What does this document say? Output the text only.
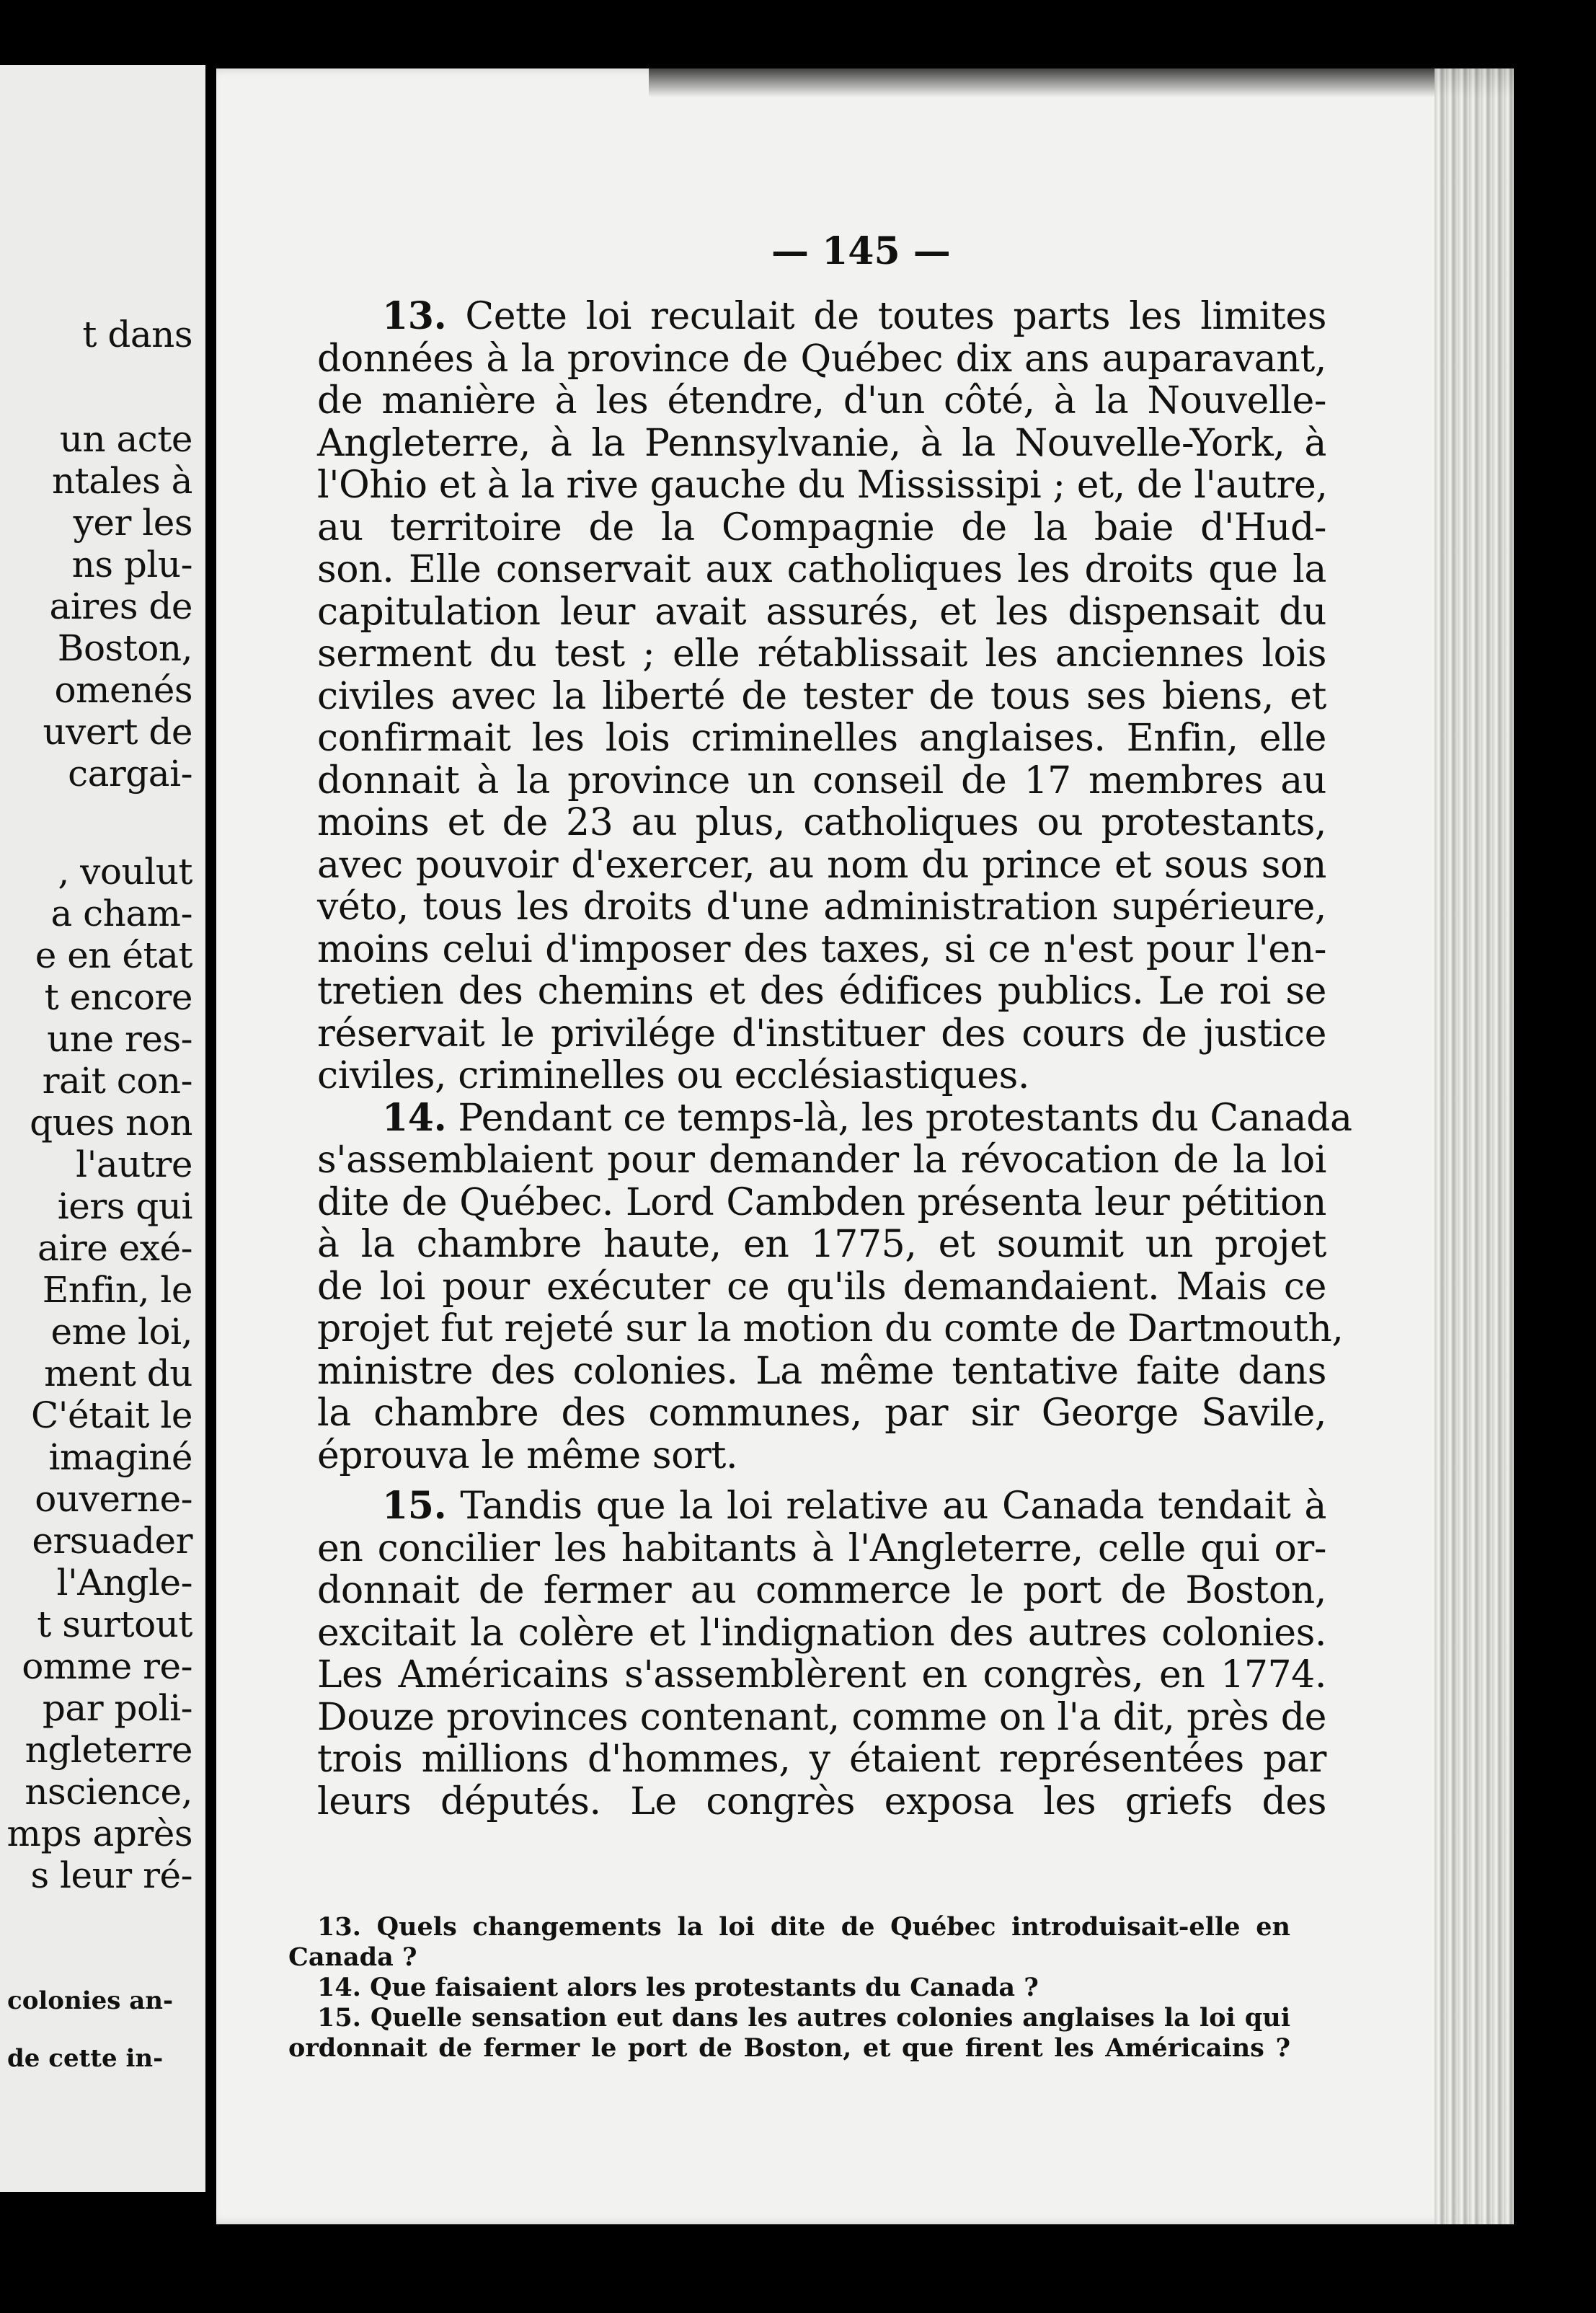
t dans
un acte
ntales à
yer les
ns plu-
aires de
Boston,
omenés
uvert de
cargai-
, voulut
a cham-
e en état
t encore
une res-
rait con-
ques non
l'autre
iers qui
aire exé-
Enfin, le
eme loi,
ment du
C'était le
imaginé
ouverne-
ersuader
l'Angle-
t surtout
omme re-
par poli-
ngleterre
nscience,
mps après
s leur ré-
colonies an-
de cette in-
— 145 —
13. Cette loi reculait de toutes parts les limites
données à la province de Québec dix ans auparavant,
de manière à les étendre, d'un côté, à la Nouvelle-
Angleterre, à la Pennsylvanie, à la Nouvelle-York, à
l'Ohio et à la rive gauche du Mississipi ; et, de l'autre,
au territoire de la Compagnie de la baie d'Hud-
son. Elle conservait aux catholiques les droits que la
capitulation leur avait assurés, et les dispensait du
serment du test ; elle rétablissait les anciennes lois
civiles avec la liberté de tester de tous ses biens, et
confirmait les lois criminelles anglaises. Enfin, elle
donnait à la province un conseil de 17 membres au
moins et de 23 au plus, catholiques ou protestants,
avec pouvoir d'exercer, au nom du prince et sous son
véto, tous les droits d'une administration supérieure,
moins celui d'imposer des taxes, si ce n'est pour l'en-
tretien des chemins et des édifices publics. Le roi se
réservait le privilége d'instituer des cours de justice
civiles, criminelles ou ecclésiastiques.
14. Pendant ce temps-là, les protestants du Canada
s'assemblaient pour demander la révocation de la loi
dite de Québec. Lord Cambden présenta leur pétition
à la chambre haute, en 1775, et soumit un projet
de loi pour exécuter ce qu'ils demandaient. Mais ce
projet fut rejeté sur la motion du comte de Dartmouth,
ministre des colonies. La même tentative faite dans
la chambre des communes, par sir George Savile,
éprouva le même sort.
15. Tandis que la loi relative au Canada tendait à
en concilier les habitants à l'Angleterre, celle qui or-
donnait de fermer au commerce le port de Boston,
excitait la colère et l'indignation des autres colonies.
Les Américains s'assemblèrent en congrès, en 1774.
Douze provinces contenant, comme on l'a dit, près de
trois millions d'hommes, y étaient représentées par
leurs députés. Le congrès exposa les griefs des
13. Quels changements la loi dite de Québec introduisait-elle en
Canada ?
14. Que faisaient alors les protestants du Canada ?
15. Quelle sensation eut dans les autres colonies anglaises la loi qui
ordonnait de fermer le port de Boston, et que firent les Américains ?
